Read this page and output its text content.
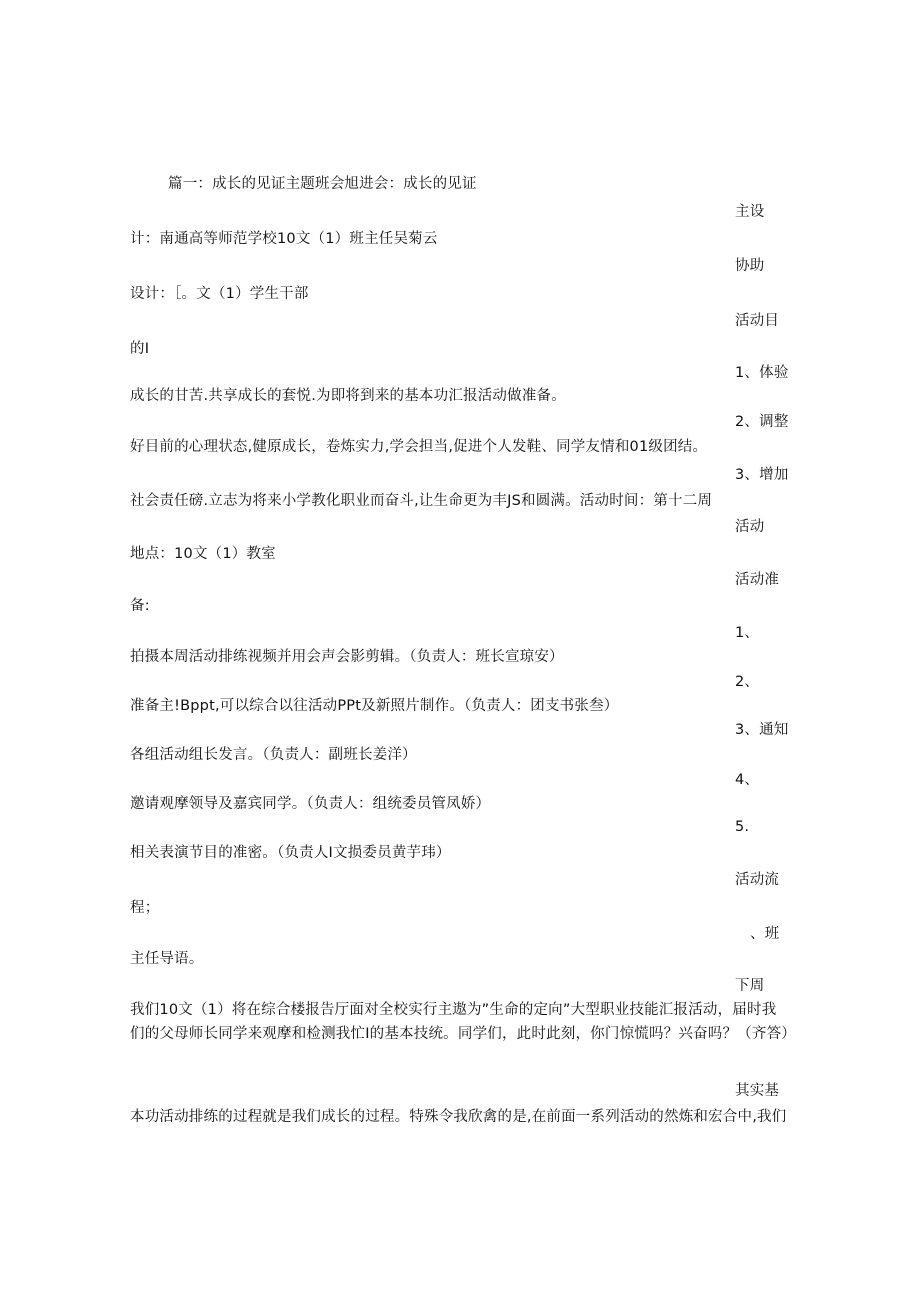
篇一：成长的见证主题班会旭进会：成长的见证
主设
计：南通高等师范学校10文（1）班主任吴菊云
协助
设计：［。文（1）学生干部
活动目
的I
1、体验
成长的甘苦.共享成长的套悦.为即将到来的基本功汇报活动做准备。
2、调整
好目前的心理状态,健原成长，卷炼实力,学会担当,促进个人发鞋、同学友情和01级团结。
3、增加
社会责任磅.立志为将来小学教化职业而奋斗,让生命更为丰JS和圆满。活动时间：第十二周
活动
地点：10文（1）教室
活动准
备:
1、
拍摄本周活动排练视频并用会声会影剪辑。（负责人：班长宣琼安）
2、
准备主!Bppt,可以综合以往活动PPt及新照片制作。（负责人：团支书张叁）
3、通知
各组活动组长发言。（负责人：副班长姜洋）
4、
邀请观摩领导及嘉宾同学。（负责人：组统委员管凤娇）
5.
相关表演节目的准密。（负责人I文损委员黄芋玮）
活动流
程；
、班
主任导语。
下周
我们10文（1）将在综合楼报告厅面对全校实行主遨为”生命的定向”大型职业技能汇报活动，届时我们的父母师长同学来观摩和检测我忙I的基本技统。同学们，此时此刻，你门惊慌吗？兴奋吗？（齐答）
其实基
本功活动排练的过程就是我们成长的过程。特殊令我欣禽的是,在前面一系列活动的然炼和宏合中,我们
